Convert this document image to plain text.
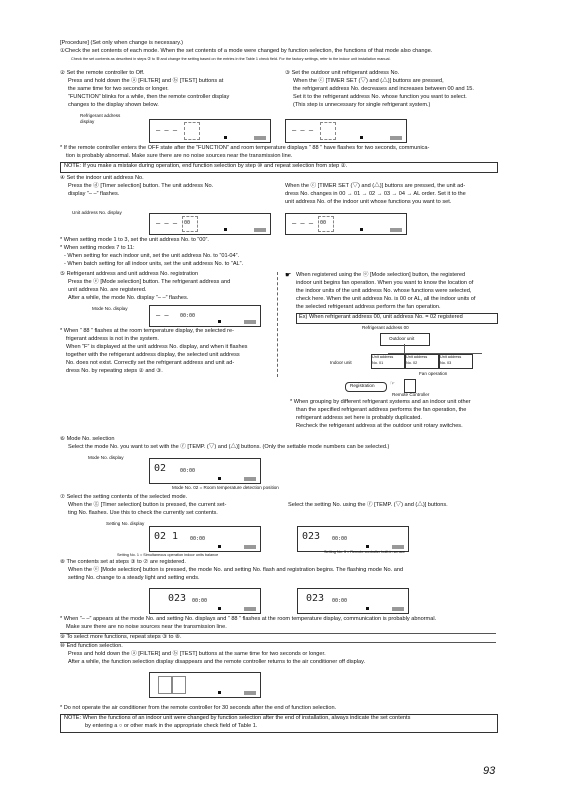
[Procedure] (Set only when change is necessary.)
①Check the set contents of each mode. When the set contents of a mode were changed by function selection, the functions of that mode also change.
Check the set contents as described in steps ② to ⑧ and change the setting based on the entries in the Table 1 check field. For the factory settings, refer to the indoor unit installation manual.
② Set the remote controller to Off.
Press and hold down the ⓐ [FILTER] and ⓑ [TEST] buttons at
the same time for two seconds or longer.
“FUNCTION” blinks for a while, then the remote controller display
changes to the display shown below.
Refrigerant address
display
– – –
③ Set the outdoor unit refrigerant address No.
When the ⓒ [TIMER SET (▽) and (△)] buttons are pressed,
the refrigerant address No. decreases and increases between 00 and 15.
Set it to the refrigerant address No. whose function you want to select.
(This step is unnecessary for single refrigerant system.)
– – –
* If the remote controller enters the OFF state after the “FUNCTION” and room temperature displays “ 88 ” have flashes for two seconds, communica-
tion is probably abnormal. Make sure there are no noise sources near the transmission line.
NOTE: If you make a mistake during operation, end function selection by step ⑩ and repeat selection from step ②.
④ Set the indoor unit address No.
Press the ⓓ [Timer selection] button. The unit address No.
display “– –” flashes.
When the ⓒ [TIMER SET (▽) and (△)] buttons are pressed, the unit ad-
dress No. changes in 00 → 01 → 02 → 03 → 04 → AL order. Set it to the
unit address No. of the indoor unit whose functions you want to set.
Unit address No. display
– – – 00	– – – 00
* When setting mode 1 to 3, set the unit address No. to “00”.
* When setting modes 7 to 11:
- When setting for each indoor unit, set the unit address No. to “01-04”.
- When batch setting for all indoor units, set the unit address No. to “AL”.
⑤ Refrigerant address and unit address No. registration
Press the ⓔ [Mode selection] button. The refrigerant address and
unit address No. are registered.
After a while, the mode No. display “– –” flashes.
Mode No. display
– – 00:00
* When “ 88 ” flashes at the room temperature display, the selected re-
frigerant address is not in the system.
When “F” is displayed at the unit address No. display, and when it flashes
together with the refrigerant address display, the selected unit address
No. does not exist. Correctly set the refrigerant address and unit ad-
dress No. by repeating steps ② and ③.
☛ When registered using the ⓔ [Mode selection] button, the registered
indoor unit begins fan operation. When you want to know the location of
the indoor units of the unit address No. whose functions were selected,
check here. When the unit address No. is 00 or AL, all the indoor units of
the selected refrigerant address perform the fan operation.
Ex) When refrigerant address 00, unit address No. = 02 registered
Refrigerant address 00
Outdoor unit
Indoor unit
Unit address
No. 01
Unit address
No. 02
Unit address
No. 03
Fan operation
Registration	☞
Remote Controller
* When grouping by different refrigerant systems and an indoor unit other
than the specified refrigerant address performs the fan operation, the
refrigerant address set here is probably duplicated.
Recheck the refrigerant address at the outdoor unit rotary switches.
⑥ Mode No. selection
Select the mode No. you want to set with the ⓕ [TEMP. (▽) and (△)] buttons. (Only the settable mode numbers can be selected.)
Mode No. display
02	00:00
Mode No. 02 = Room temperature detection position
⑦ Select the setting contents of the selected mode.
When the ⓖ [Timer selection] button is pressed, the current set-
ting No. flashes. Use this to check the currently set contents.
Select the setting No. using the ⓕ [TEMP. (▽) and (△)] buttons.
Setting No. display
02 1 00:00	023 00:00
Setting No. 1 = Simultaneous operation indoor units balance
Setting No. 3 = Remote controller built-in sensor
⑧ The contents set at steps ③ to ⑦ are registered.
When the ⓔ [Mode selection] button is pressed, the mode No. and setting No. flash and registration begins. The flashing mode No. and
setting No. change to a steady light and setting ends.
023 00:00	023 00:00
* When “– –” appears at the mode No. and setting No. displays and “ 88 ” flashes at the room temperature display, communication is probably abnormal.
Make sure there are no noise sources near the transmission line.
⑨ To select more functions, repeat steps ③ to ⑧.
⑩ End function selection.
Press and hold down the ⓐ [FILTER] and ⓑ [TEST] buttons at the same time for two seconds or longer.
After a while, the function selection display disappears and the remote controller returns to the air conditioner off display.
* Do not operate the air conditioner from the remote controller for 30 seconds after the end of function selection.
NOTE: When the functions of an indoor unit were changed by function selection after the end of installation, always indicate the set contents
by entering a ○ or other mark in the appropriate check field of Table 1.
93
